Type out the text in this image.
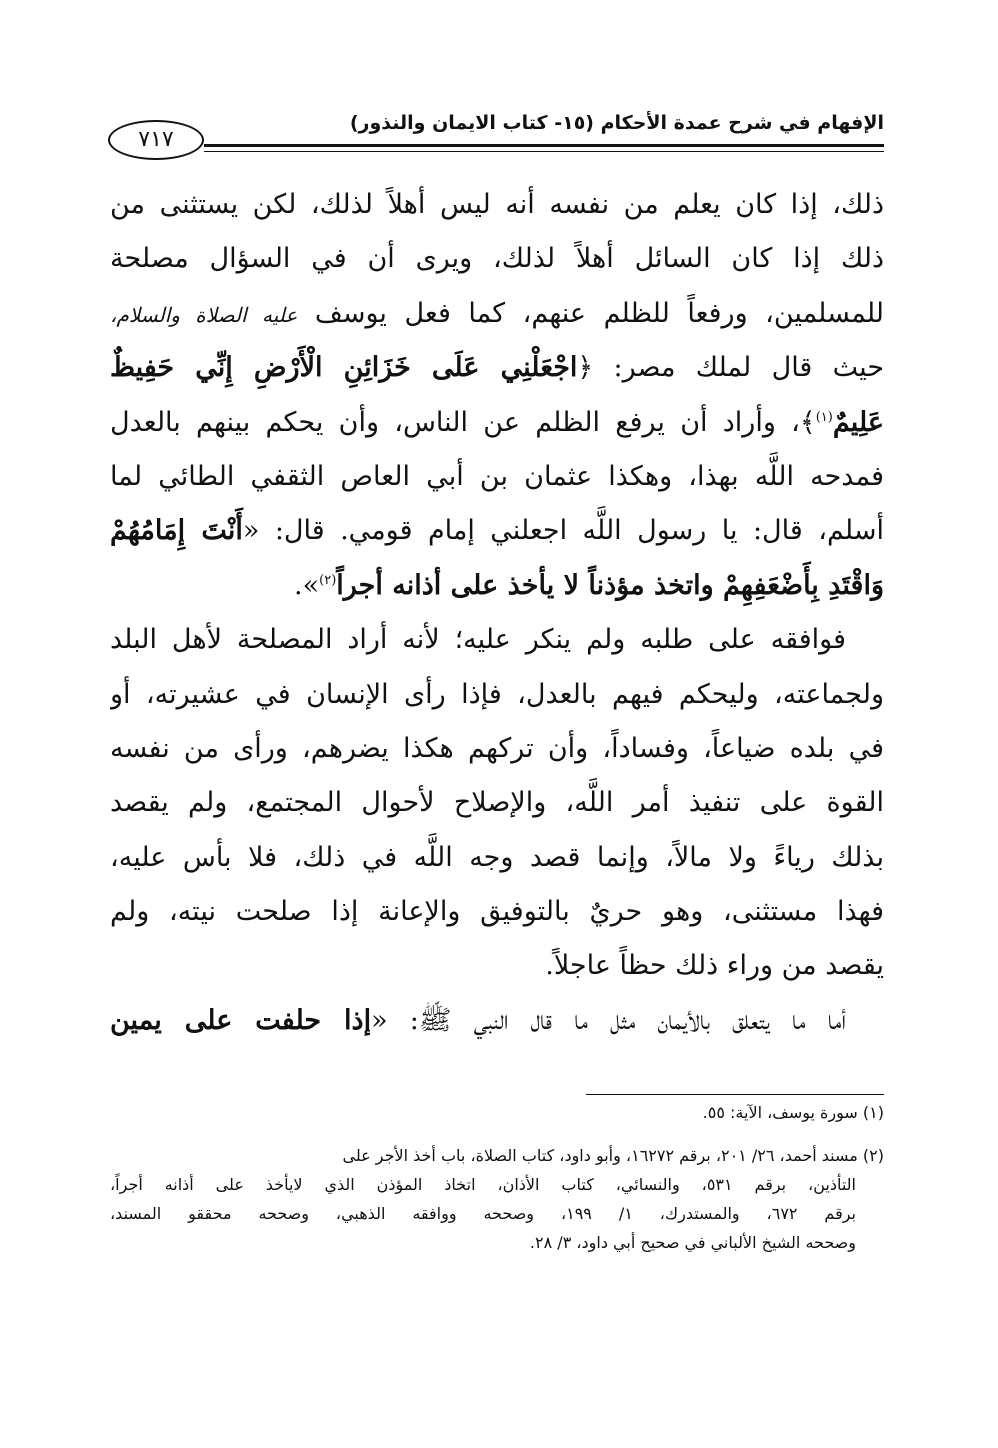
الإفهام في شرح عمدة الأحكام (١٥- كتاب الايمان والنذور)
٧١٧
ذلك، إذا كان يعلم من نفسه أنه ليس أهلاً لذلك، لكن يستثنى من
ذلك إذا كان السائل أهلاً لذلك، ويرى أن في السؤال مصلحة
للمسلمين، ورفعاً للظلم عنهم، كما فعل يوسف عليه الصلاة والسلام،
حيث قال لملك مصر: ﴿اجْعَلْنِي عَلَى خَزَائِنِ الْأَرْضِ إِنِّي حَفِيظٌ
عَلِيمٌ$^{(١)}$﴾، وأراد أن يرفع الظلم عن الناس، وأن يحكم بينهم بالعدل
فمدحه اللَّه بهذا، وهكذا عثمان بن أبي العاص الثقفي الطائي لما
أسلم، قال: يا رسول اللَّه اجعلني إمام قومي. قال: «أَنْتَ إِمَامُهُمْ
وَاقْتَدِ بِأَضْعَفِهِمْ واتخذ مؤذناً لا يأخذ على أذانه أجراً$^{(٢)}$».
فوافقه على طلبه ولم ينكر عليه؛ لأنه أراد المصلحة لأهل البلد
ولجماعته، وليحكم فيهم بالعدل، فإذا رأى الإنسان في عشيرته، أو
في بلده ضياعاً، وفساداً، وأن تركهم هكذا يضرهم، ورأى من نفسه
القوة على تنفيذ أمر اللَّه، والإصلاح لأحوال المجتمع، ولم يقصد
بذلك رياءً ولا مالاً، وإنما قصد وجه اللَّه في ذلك، فلا بأس عليه،
فهذا مستثنى، وهو حريٌ بالتوفيق والإعانة إذا صلحت نيته، ولم
يقصد من وراء ذلك حظاً عاجلاً.
أما ما يتعلق بالأيمان مثل ما قال النبي ﷺ: «إذا حلفت على يمين
(١) سورة يوسف، الآية: ٥٥.
(٢) مسند أحمد، ٢٦/ ٢٠١، برقم ١٦٢٧٢، وأبو داود، كتاب الصلاة، باب أخذ الأجر على
التأذين، برقم ٥٣١، والنسائي، كتاب الأذان، اتخاذ المؤذن الذي لايأخذ على أذانه أجراً،
برقم ٦٧٢، والمستدرك، ١/ ١٩٩، وصححه ووافقه الذهبي، وصححه محققو المسند،
وصححه الشيخ الألباني في صحيح أبي داود، ٣/ ٢٨.
